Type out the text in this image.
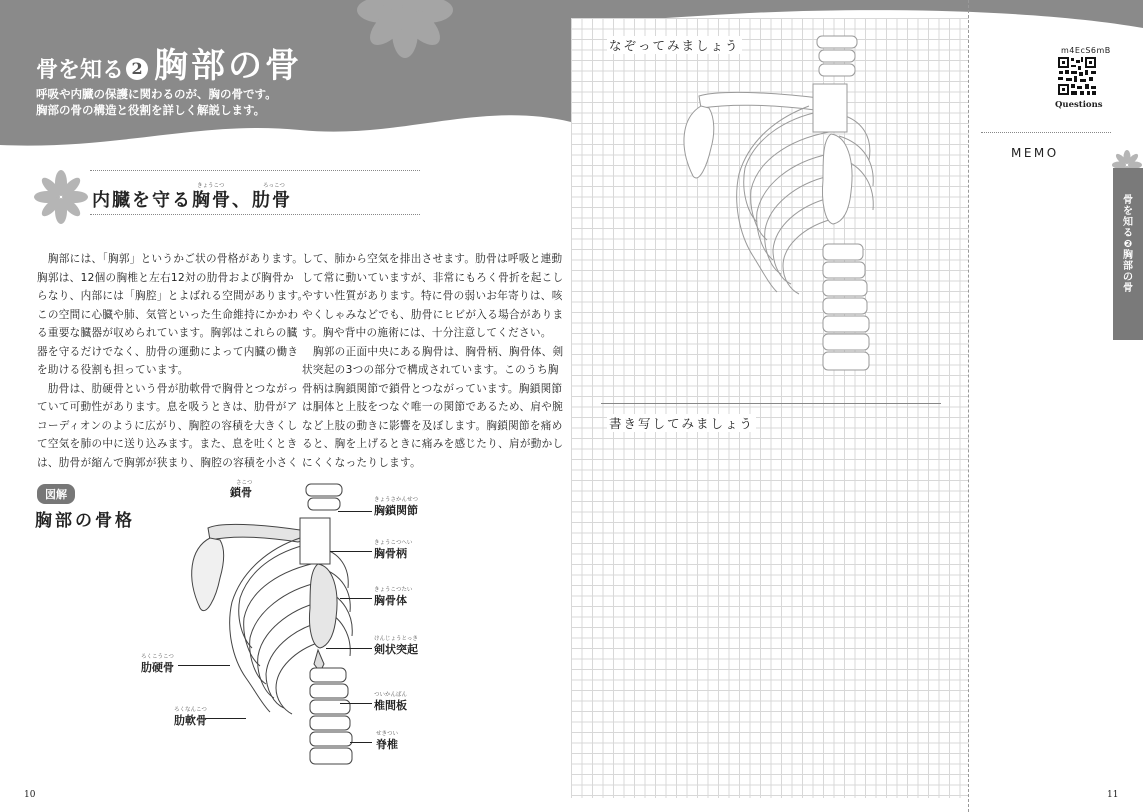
骨を知る 2 胸部の骨
呼吸や内臓の保護に関わるのが、胸の骨です。
胸部の骨の構造と役割を詳しく解説します。
きょうこつ	ろっこつ
内臓を守る胸骨、肋骨
　胸部には、「胸郭」というかご状の骨格があります。
胸郭は、12個の胸椎と左右12対の肋骨および胸骨か
らなり、内部には「胸腔」とよばれる空間があります。
この空間に心臓や肺、気管といった生命維持にかかわ
る重要な臓器が収められています。胸郭はこれらの臓
器を守るだけでなく、肋骨の運動によって内臓の働き
を助ける役割も担っています。
　肋骨は、肋硬骨という骨が肋軟骨で胸骨とつながっ
ていて可動性があります。息を吸うときは、肋骨がア
コーディオンのように広がり、胸腔の容積を大きくし
て空気を肺の中に送り込みます。また、息を吐くとき
は、肋骨が縮んで胸郭が狭まり、胸腔の容積を小さく
して、肺から空気を排出させます。肋骨は呼吸と連動
して常に動いていますが、非常にもろく骨折を起こし
やすい性質があります。特に骨の弱いお年寄りは、咳
やくしゃみなどでも、肋骨にヒビが入る場合がありま
す。胸や背中の施術には、十分注意してください。
　胸郭の正面中央にある胸骨は、胸骨柄、胸骨体、剣
状突起の3つの部分で構成されています。このうち胸
骨柄は胸鎖関節で鎖骨とつながっています。胸鎖関節
は胴体と上肢をつなぐ唯一の関節であるため、肩や腕
など上肢の動きに影響を及ぼします。胸鎖関節を痛め
ると、胸を上げるときに痛みを感じたり、肩が動かし
にくくなったりします。
図解
胸部の骨格
さこつ
鎖骨
きょうさかんせつ
胸鎖関節
きょうこつへい
胸骨柄
きょうこつたい
胸骨体
けんじょうとっき
剣状突起
ろくこうこつ
肋硬骨
ついかんばん
椎間板
ろくなんこつ
肋軟骨
せきつい
脊椎
10
なぞってみましょう
書き写してみましょう
m4EcS6mB
Questions
MEMO
骨を知る❷ 胸部の骨
11
